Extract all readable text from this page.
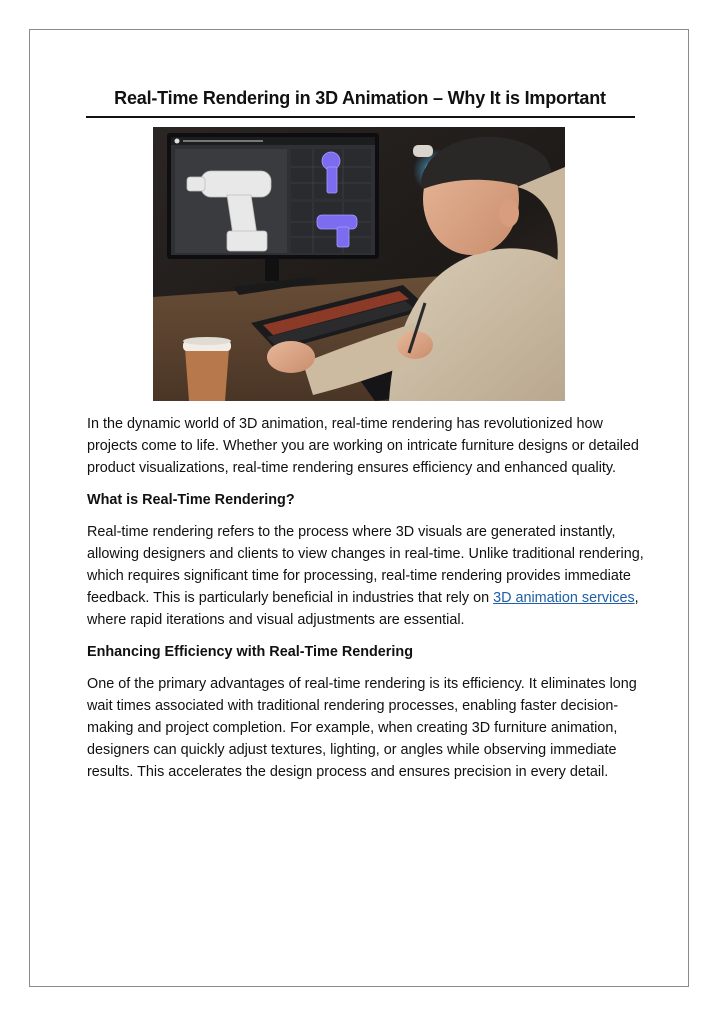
Real-Time Rendering in 3D Animation – Why It is Important

In the dynamic world of 3D animation, real-time rendering has revolutionized how projects come to life. Whether you are working on intricate furniture designs or detailed product visualizations, real-time rendering ensures efficiency and enhanced quality.

What is Real-Time Rendering?

Real-time rendering refers to the process where 3D visuals are generated instantly, allowing designers and clients to view changes in real-time. Unlike traditional rendering, which requires significant time for processing, real-time rendering provides immediate feedback. This is particularly beneficial in industries that rely on 3D animation services, where rapid iterations and visual adjustments are essential.

Enhancing Efficiency with Real-Time Rendering

One of the primary advantages of real-time rendering is its efficiency. It eliminates long wait times associated with traditional rendering processes, enabling faster decision-making and project completion. For example, when creating 3D furniture animation, designers can quickly adjust textures, lighting, or angles while observing immediate results. This accelerates the design process and ensures precision in every detail.
